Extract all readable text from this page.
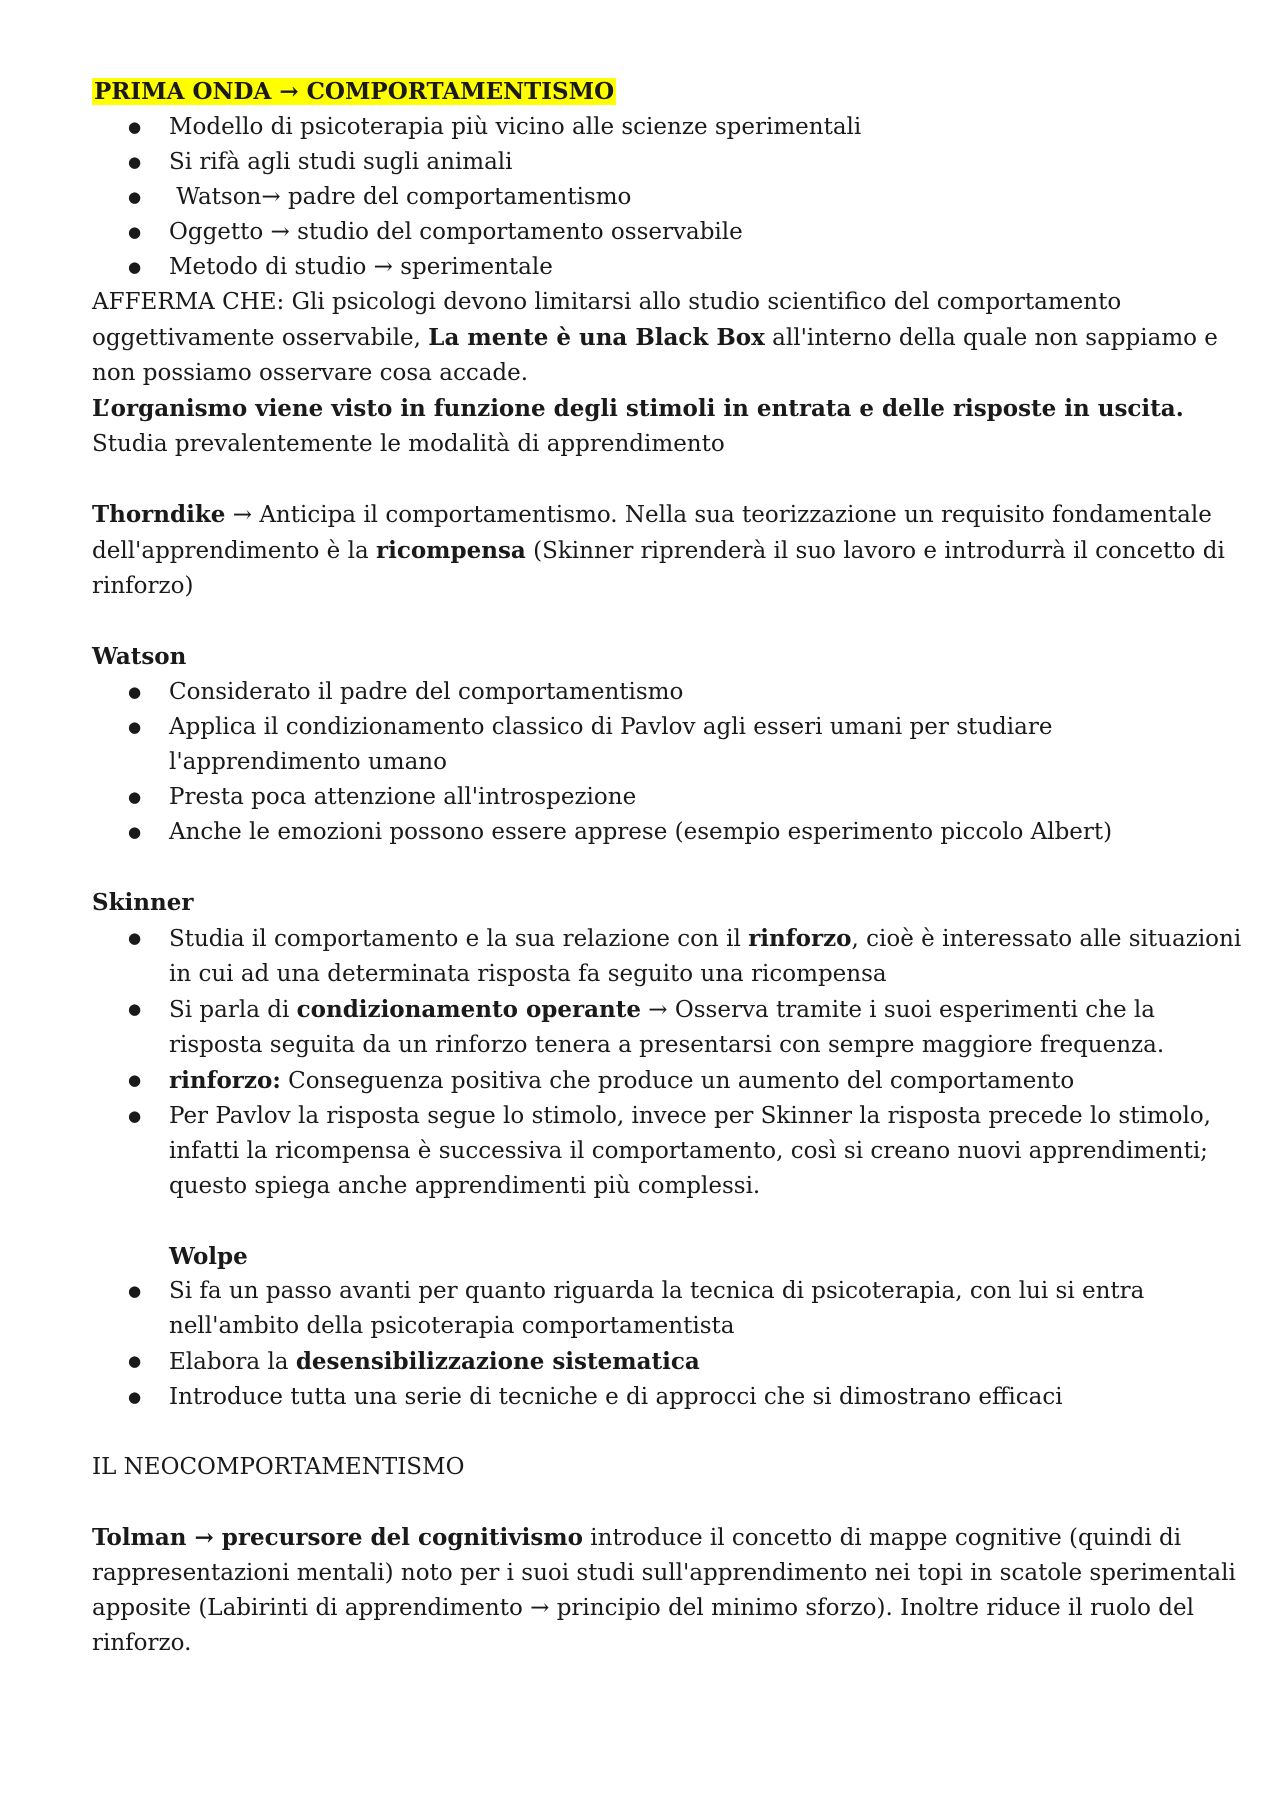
PRIMA ONDA → COMPORTAMENTISMO
● Modello di psicoterapia più vicino alle scienze sperimentali
● Si rifà agli studi sugli animali
●  Watson→ padre del comportamentismo
● Oggetto → studio del comportamento osservabile
● Metodo di studio → sperimentale
AFFERMA CHE: Gli psicologi devono limitarsi allo studio scientifico del comportamento oggettivamente osservabile, La mente è una Black Box all'interno della quale non sappiamo e non possiamo osservare cosa accade.
L’organismo viene visto in funzione degli stimoli in entrata e delle risposte in uscita.
Studia prevalentemente le modalità di apprendimento
Thorndike → Anticipa il comportamentismo. Nella sua teorizzazione un requisito fondamentale dell'apprendimento è la ricompensa (Skinner riprenderà il suo lavoro e introdurrà il concetto di rinforzo)
Watson
● Considerato il padre del comportamentismo
● Applica il condizionamento classico di Pavlov agli esseri umani per studiare l'apprendimento umano
● Presta poca attenzione all'introspezione
● Anche le emozioni possono essere apprese (esempio esperimento piccolo Albert)
Skinner
● Studia il comportamento e la sua relazione con il rinforzo, cioè è interessato alle situazioni in cui ad una determinata risposta fa seguito una ricompensa
● Si parla di condizionamento operante → Osserva tramite i suoi esperimenti che la risposta seguita da un rinforzo tenera a presentarsi con sempre maggiore frequenza.
● rinforzo: Conseguenza positiva che produce un aumento del comportamento
● Per Pavlov la risposta segue lo stimolo, invece per Skinner la risposta precede lo stimolo, infatti la ricompensa è successiva il comportamento, così si creano nuovi apprendimenti; questo spiega anche apprendimenti più complessi.
Wolpe
● Si fa un passo avanti per quanto riguarda la tecnica di psicoterapia, con lui si entra nell'ambito della psicoterapia comportamentista
● Elabora la desensibilizzazione sistematica
● Introduce tutta una serie di tecniche e di approcci che si dimostrano efficaci
IL NEOCOMPORTAMENTISMO
Tolman → precursore del cognitivismo introduce il concetto di mappe cognitive (quindi di rappresentazioni mentali) noto per i suoi studi sull'apprendimento nei topi in scatole sperimentali apposite (Labirinti di apprendimento → principio del minimo sforzo). Inoltre riduce il ruolo del rinforzo.
